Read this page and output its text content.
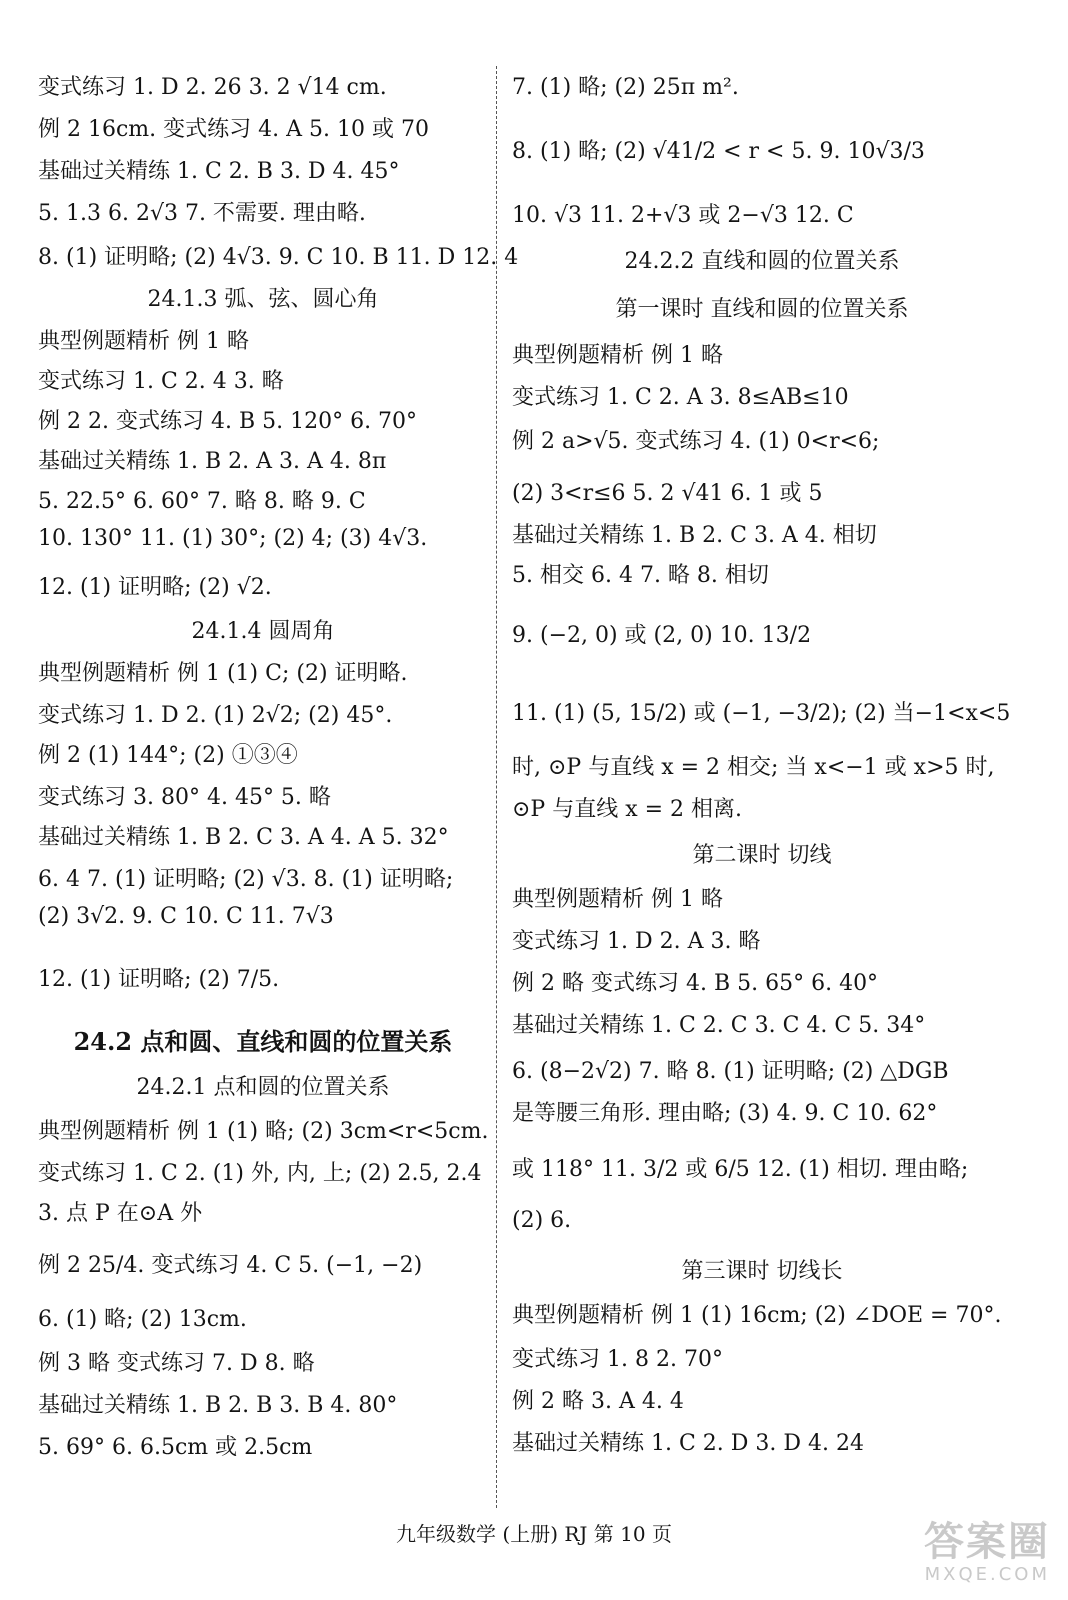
变式练习 1. D 2. 26 3. 2 √14 cm.
例 2 16cm. 变式练习 4. A 5. 10 或 70
基础过关精练 1. C 2. B 3. D 4. 45°
5. 1.3 6. 2√3 7. 不需要. 理由略.
8. (1) 证明略; (2) 4√3. 9. C 10. B 11. D 12. 4
24.1.3 弧、弦、圆心角
典型例题精析 例 1 略
变式练习 1. C 2. 4 3. 略
例 2 2. 变式练习 4. B 5. 120° 6. 70°
基础过关精练 1. B 2. A 3. A 4. 8π
5. 22.5° 6. 60° 7. 略 8. 略 9. C
10. 130° 11. (1) 30°; (2) 4; (3) 4√3.
12. (1) 证明略; (2) √2.
24.1.4 圆周角
典型例题精析 例 1 (1) C; (2) 证明略.
变式练习 1. D 2. (1) 2√2; (2) 45°.
例 2 (1) 144°; (2) ①③④
变式练习 3. 80° 4. 45° 5. 略
基础过关精练 1. B 2. C 3. A 4. A 5. 32°
6. 4 7. (1) 证明略; (2) √3. 8. (1) 证明略;
(2) 3√2. 9. C 10. C 11. 7√3
12. (1) 证明略; (2) 7/5.
24.2 点和圆、直线和圆的位置关系
24.2.1 点和圆的位置关系
典型例题精析 例 1 (1) 略; (2) 3cm<r<5cm.
变式练习 1. C 2. (1) 外, 内, 上; (2) 2.5, 2.4
3. 点 P 在⊙A 外
例 2 25/4. 变式练习 4. C 5. (−1, −2)
6. (1) 略; (2) 13cm.
例 3 略 变式练习 7. D 8. 略
基础过关精练 1. B 2. B 3. B 4. 80°
5. 69° 6. 6.5cm 或 2.5cm
7. (1) 略; (2) 25π m².
8. (1) 略; (2) √41/2 < r < 5. 9. 10√3/3
10. √3 11. 2+√3 或 2−√3 12. C
24.2.2 直线和圆的位置关系
第一课时 直线和圆的位置关系
典型例题精析 例 1 略
变式练习 1. C 2. A 3. 8≤AB≤10
例 2 a>√5. 变式练习 4. (1) 0<r<6;
(2) 3<r≤6 5. 2 √41 6. 1 或 5
基础过关精练 1. B 2. C 3. A 4. 相切
5. 相交 6. 4 7. 略 8. 相切
9. (−2, 0) 或 (2, 0) 10. 13/2
11. (1) (5, 15/2) 或 (−1, −3/2); (2) 当−1<x<5
时, ⊙P 与直线 x = 2 相交; 当 x<−1 或 x>5 时,
⊙P 与直线 x = 2 相离.
第二课时 切线
典型例题精析 例 1 略
变式练习 1. D 2. A 3. 略
例 2 略 变式练习 4. B 5. 65° 6. 40°
基础过关精练 1. C 2. C 3. C 4. C 5. 34°
6. (8−2√2) 7. 略 8. (1) 证明略; (2) △DGB
是等腰三角形. 理由略; (3) 4. 9. C 10. 62°
或 118° 11. 3/2 或 6/5 12. (1) 相切. 理由略;
(2) 6.
第三课时 切线长
典型例题精析 例 1 (1) 16cm; (2) ∠DOE = 70°.
变式练习 1. 8 2. 70°
例 2 略 3. A 4. 4
基础过关精练 1. C 2. D 3. D 4. 24
九年级数学 (上册) RJ 第 10 页	答案圈
MXQE.COM
